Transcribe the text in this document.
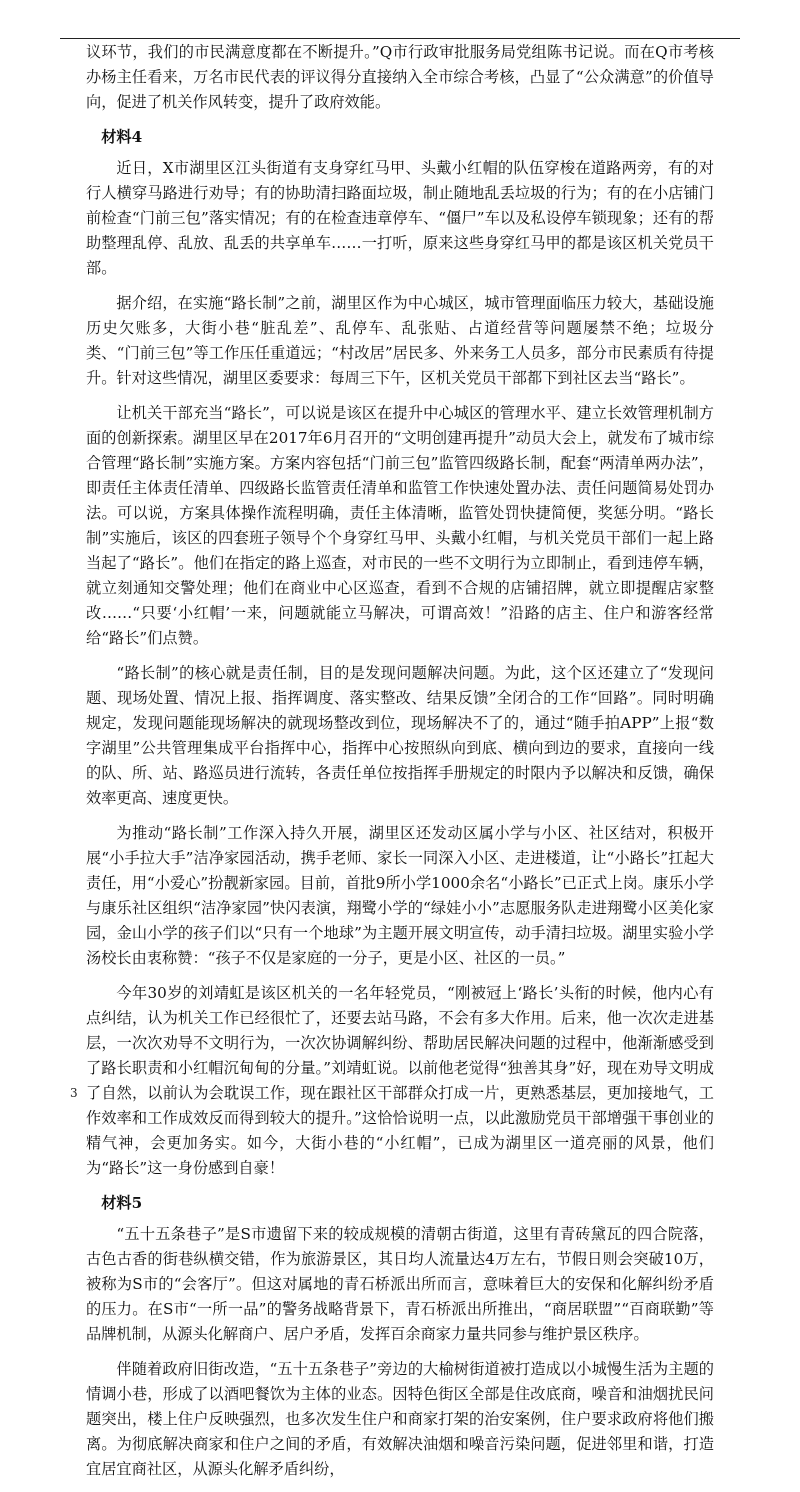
议环节，我们的市民满意度都在不断提升。”Q市行政审批服务局党组陈书记说。而在Q市考核办杨主任看来，万名市民代表的评议得分直接纳入全市综合考核，凸显了“公众满意”的价值导向，促进了机关作风转变，提升了政府效能。

材料4

近日，X市湖里区江头街道有支身穿红马甲、头戴小红帽的队伍穿梭在道路两旁，有的对行人横穿马路进行劝导；有的协助清扫路面垃圾，制止随地乱丢垃圾的行为；有的在小店铺门前检查“门前三包”落实情况；有的在检查违章停车、“僵尸”车以及私设停车锁现象；还有的帮助整理乱停、乱放、乱丢的共享单车……一打听，原来这些身穿红马甲的都是该区机关党员干部。

据介绍，在实施“路长制”之前，湖里区作为中心城区，城市管理面临压力较大，基础设施历史欠账多，大街小巷“脏乱差”、乱停车、乱张贴、占道经营等问题屡禁不绝；垃圾分类、“门前三包”等工作压任重道远；“村改居”居民多、外来务工人员多，部分市民素质有待提升。针对这些情况，湖里区委要求：每周三下午，区机关党员干部都下到社区去当“路长”。

让机关干部充当“路长”，可以说是该区在提升中心城区的管理水平、建立长效管理机制方面的创新探索。湖里区早在2017年6月召开的“文明创建再提升”动员大会上，就发布了城市综合管理“路长制”实施方案。方案内容包括“门前三包”监管四级路长制，配套“两清单两办法”，即责任主体责任清单、四级路长监管责任清单和监管工作快速处置办法、责任问题简易处罚办法。可以说，方案具体操作流程明确，责任主体清晰，监管处罚快捷简便，奖惩分明。“路长制”实施后，该区的四套班子领导个个身穿红马甲、头戴小红帽，与机关党员干部们一起上路当起了“路长”。他们在指定的路上巡查，对市民的一些不文明行为立即制止，看到违停车辆，就立刻通知交警处理；他们在商业中心区巡查，看到不合规的店铺招牌，就立即提醒店家整改……“只要‘小红帽’一来，问题就能立马解决，可谓高效！”沿路的店主、住户和游客经常给“路长”们点赞。

“路长制”的核心就是责任制，目的是发现问题解决问题。为此，这个区还建立了“发现问题、现场处置、情况上报、指挥调度、落实整改、结果反馈”全闭合的工作“回路”。同时明确规定，发现问题能现场解决的就现场整改到位，现场解决不了的，通过“随手拍APP”上报“数字湖里”公共管理集成平台指挥中心，指挥中心按照纵向到底、横向到边的要求，直接向一线的队、所、站、路巡员进行流转，各责任单位按指挥手册规定的时限内予以解决和反馈，确保效率更高、速度更快。

为推动“路长制”工作深入持久开展，湖里区还发动区属小学与小区、社区结对，积极开展“小手拉大手”洁净家园活动，携手老师、家长一同深入小区、走进楼道，让“小路长”扛起大责任，用“小爱心”扮靓新家园。目前，首批9所小学1000余名“小路长”已正式上岗。康乐小学与康乐社区组织“洁净家园”快闪表演，翔鹭小学的“绿娃小小”志愿服务队走进翔鹭小区美化家园，金山小学的孩子们以“只有一个地球”为主题开展文明宣传，动手清扫垃圾。湖里实验小学汤校长由衷称赞：“孩子不仅是家庭的一分子，更是小区、社区的一员。”

今年30岁的刘靖虹是该区机关的一名年轻党员，“刚被冠上‘路长’头衔的时候，他内心有点纠结，认为机关工作已经很忙了，还要去站马路，不会有多大作用。后来，他一次次走进基层，一次次劝导不文明行为，一次次协调解纠纷、帮助居民解决问题的过程中，他渐渐感受到了路长职责和小红帽沉甸甸的分量。”刘靖虹说。以前他老觉得“独善其身”好，现在劝导文明成了自然，以前认为会耽误工作，现在跟社区干部群众打成一片，更熟悉基层，更加接地气，工作效率和工作成效反而得到较大的提升。”这恰恰说明一点，以此激励党员干部增强干事创业的精气神，会更加务实。如今，大街小巷的“小红帽”，已成为湖里区一道亮丽的风景，他们为“路长”这一身份感到自豪！

材料5

“五十五条巷子”是S市遗留下来的较成规模的清朝古街道，这里有青砖黛瓦的四合院落，古色古香的街巷纵横交错，作为旅游景区，其日均人流量达4万左右，节假日则会突破10万，被称为S市的“会客厅”。但这对属地的青石桥派出所而言，意味着巨大的安保和化解纠纷矛盾的压力。在S市“一所一品”的警务战略背景下，青石桥派出所推出，“商居联盟”“百商联勤”等品牌机制，从源头化解商户、居户矛盾，发挥百余商家力量共同参与维护景区秩序。

伴随着政府旧街改造，“五十五条巷子”旁边的大榆树街道被打造成以小城慢生活为主题的情调小巷，形成了以酒吧餐饮为主体的业态。因特色街区全部是住改底商，噪音和油烟扰民问题突出，楼上住户反映强烈，也多次发生住户和商家打架的治安案例，住户要求政府将他们搬离。为彻底解决商家和住户之间的矛盾，有效解决油烟和噪音污染问题，促进邻里和谐，打造宜居宜商社区，从源头化解矛盾纠纷，

3
